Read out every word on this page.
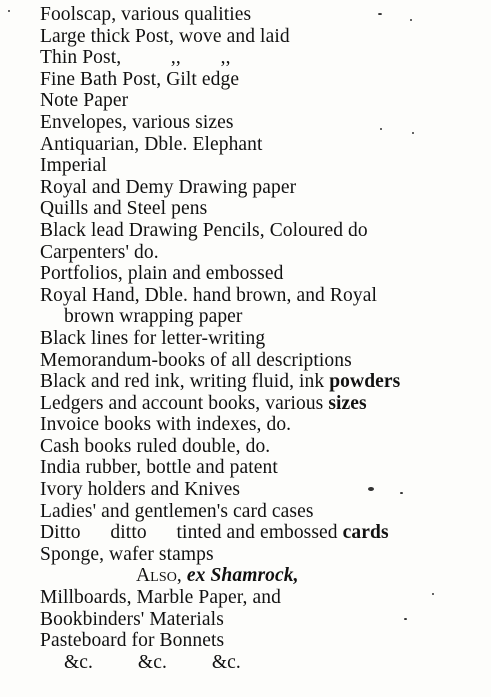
Foolscap, various qualities
Large thick Post, wove and laid
Thin Post,          ,,        ,,
Fine Bath Post, Gilt edge
Note Paper
Envelopes, various sizes
Antiquarian, Dble. Elephant
Imperial
Royal and Demy Drawing paper
Quills and Steel pens
Black lead Drawing Pencils, Coloured do
Carpenters' do.
Portfolios, plain and embossed
Royal Hand, Dble. hand brown, and Royal
brown wrapping paper
Black lines for letter-writing
Memorandum-books of all descriptions
Black and red ink, writing fluid, ink powders
Ledgers and account books, various sizes
Invoice books with indexes, do.
Cash books ruled double, do.
India rubber, bottle and patent
Ivory holders and Knives
Ladies' and gentlemen's card cases
Ditto      ditto      tinted and embossed cards
Sponge, wafer stamps
Also, ex Shamrock,
Millboards, Marble Paper, and
Bookbinders' Materials
Pasteboard for Bonnets
&c.   &c.   &c.
